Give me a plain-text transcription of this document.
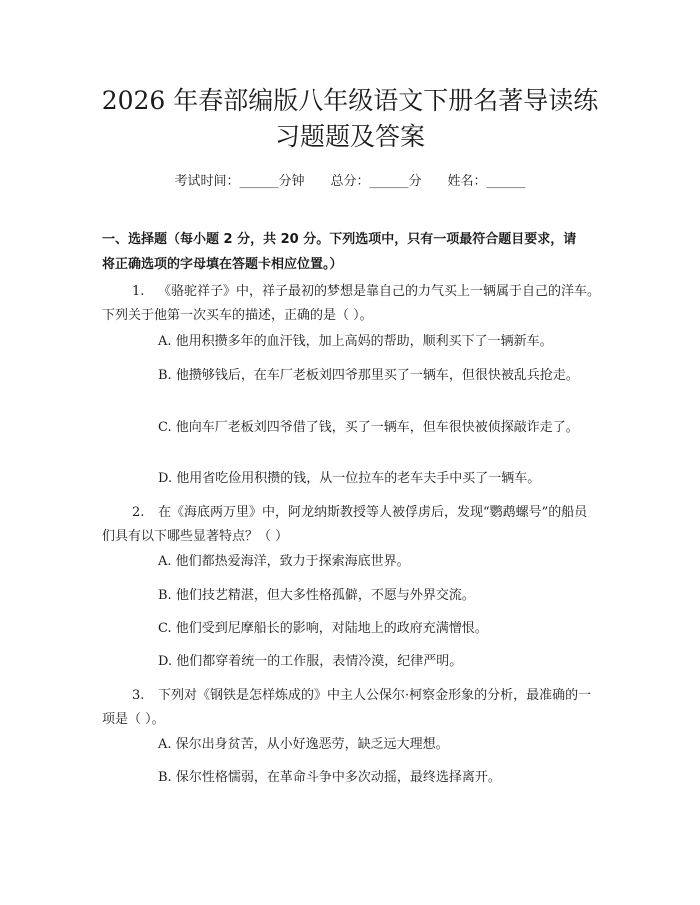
2026 年春部编版八年级语文下册名著导读练
习题题及答案
考试时间：______分钟 总分：______分 姓名：______
一、选择题（每小题 2 分，共 20 分。下列选项中，只有一项最符合题目要求，请
将正确选项的字母填在答题卡相应位置。）
1. 《骆驼祥子》中，祥子最初的梦想是靠自己的力气买上一辆属于自己的洋车。下列关于他第一次买车的描述，正确的是（ ）。
A. 他用积攒多年的血汗钱，加上高妈的帮助，顺利买下了一辆新车。
B. 他攒够钱后，在车厂老板刘四爷那里买了一辆车，但很快被乱兵抢走。
C. 他向车厂老板刘四爷借了钱，买了一辆车，但车很快被侦探敲诈走了。
D. 他用省吃俭用积攒的钱，从一位拉车的老车夫手中买了一辆车。
2. 在《海底两万里》中，阿龙纳斯教授等人被俘虏后，发现“鹦鹉螺号”的船员们具有以下哪些显著特点？（ ）
A. 他们都热爱海洋，致力于探索海底世界。
B. 他们技艺精湛，但大多性格孤僻，不愿与外界交流。
C. 他们受到尼摩船长的影响，对陆地上的政府充满憎恨。
D. 他们都穿着统一的工作服，表情冷漠，纪律严明。
3. 下列对《钢铁是怎样炼成的》中主人公保尔·柯察金形象的分析，最准确的一项是（ ）。
A. 保尔出身贫苦，从小好逸恶劳，缺乏远大理想。
B. 保尔性格懦弱，在革命斗争中多次动摇，最终选择离开。
